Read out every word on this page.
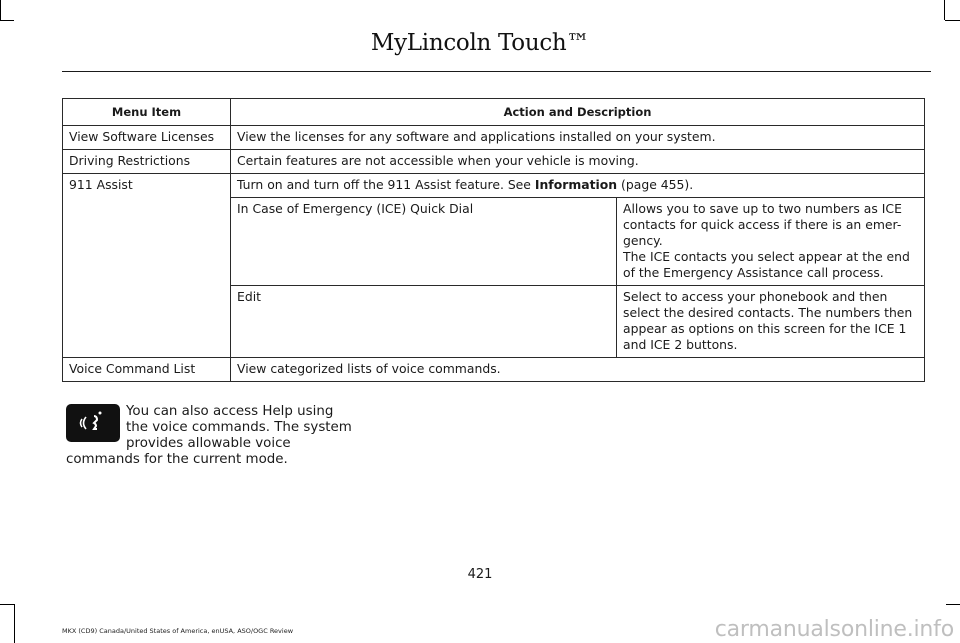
MyLincoln Touch™
Menu Item	Action and Description	
View Software Licenses	View the licenses for any software and applications installed on your system.	
Driving Restrictions	Certain features are not accessible when your vehicle is moving.	
911 Assist	Turn on and turn off the 911 Assist feature. See Information (page 455).	
	In Case of Emergency (ICE) Quick Dial	Allows you to save up to two numbers as ICE contacts for quick access if there is an emer-gency.
The ICE contacts you select appear at the end of the Emergency Assistance call process.
	Edit	Select to access your phonebook and then select the desired contacts. The numbers then appear as options on this screen for the ICE 1 and ICE 2 buttons.
Voice Command List	View categorized lists of voice commands.	
You can also access Help using
the voice commands. The system
provides allowable voice
commands for the current mode.
421
MKX (CD9) Canada/United States of America, enUSA, ASO/OGC Review	carmanualsonline.info
